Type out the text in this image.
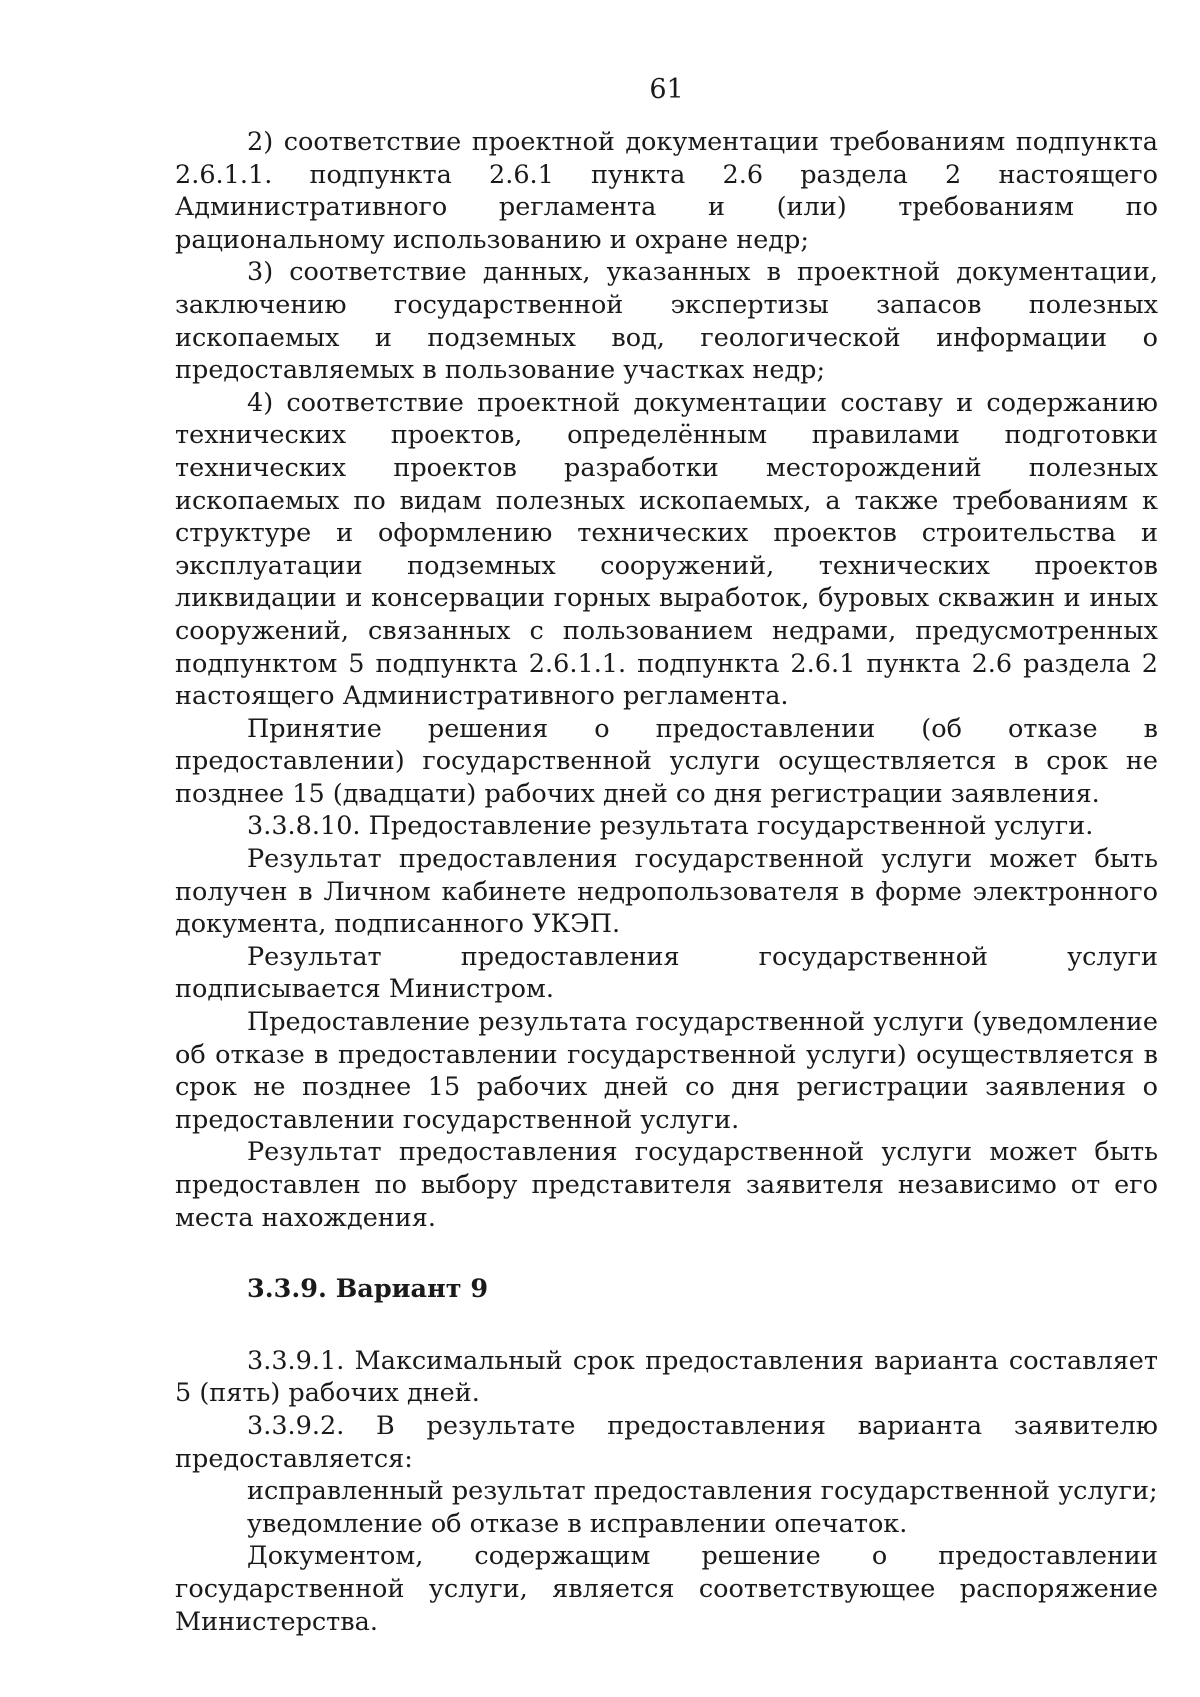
61

2) соответствие проектной документации требованиям подпункта 2.6.1.1. подпункта 2.6.1 пункта 2.6 раздела 2 настоящего Административного регламента и (или) требованиям по рациональному использованию и охране недр;

3) соответствие данных, указанных в проектной документации, заключению государственной экспертизы запасов полезных ископаемых и подземных вод, геологической информации о предоставляемых в пользование участках недр;

4) соответствие проектной документации составу и содержанию технических проектов, определённым правилами подготовки технических проектов разработки месторождений полезных ископаемых по видам полезных ископаемых, а также требованиям к структуре и оформлению технических проектов строительства и эксплуатации подземных сооружений, технических проектов ликвидации и консервации горных выработок, буровых скважин и иных сооружений, связанных с пользованием недрами, предусмотренных подпунктом 5 подпункта 2.6.1.1. подпункта 2.6.1 пункта 2.6 раздела 2 настоящего Административного регламента.

Принятие решения о предоставлении (об отказе в предоставлении) государственной услуги осуществляется в срок не позднее 15 (двадцати) рабочих дней со дня регистрации заявления.

3.3.8.10. Предоставление результата государственной услуги.

Результат предоставления государственной услуги может быть получен в Личном кабинете недропользователя в форме электронного документа, подписанного УКЭП.

Результат предоставления государственной услуги подписывается Министром.

Предоставление результата государственной услуги (уведомление об отказе в предоставлении государственной услуги) осуществляется в срок не позднее 15 рабочих дней со дня регистрации заявления о предоставлении государственной услуги.

Результат предоставления государственной услуги может быть предоставлен по выбору представителя заявителя независимо от его места нахождения.

3.3.9. Вариант 9

3.3.9.1. Максимальный срок предоставления варианта составляет 5 (пять) рабочих дней.

3.3.9.2. В результате предоставления варианта заявителю предоставляется:

исправленный результат предоставления государственной услуги;

уведомление об отказе в исправлении опечаток.

Документом, содержащим решение о предоставлении государственной услуги, является соответствующее распоряжение Министерства.
